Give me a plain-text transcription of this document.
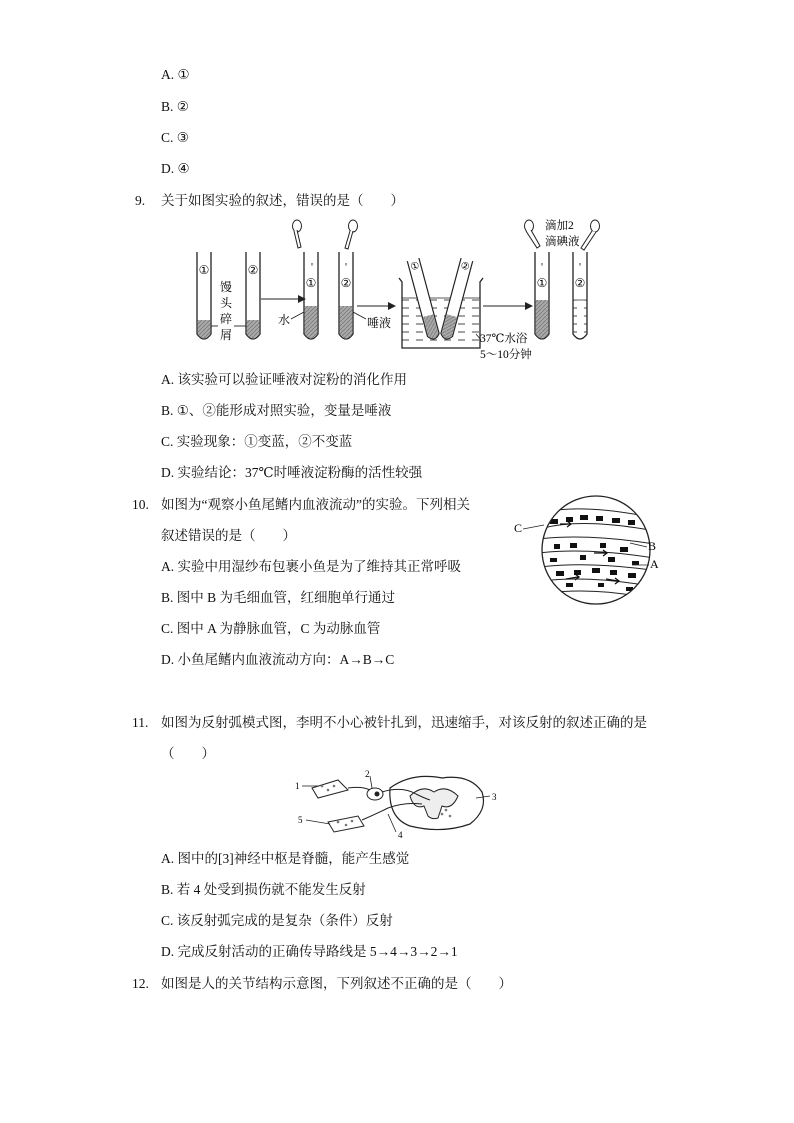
A. ①
B. ②
C. ③
D. ④
9. 关于如图实验的叙述，错误的是（　　）
①
馒
头
碎
屑
②	°
①
水
°
②
唾液
①	②
37℃水浴
5～10分钟
°	°
滴加2
滴碘液
① ②
A. 该实验可以验证唾液对淀粉的消化作用
B. ①、②能形成对照实验，变量是唾液
C. 实验现象：①变蓝，②不变蓝
D. 实验结论：37℃时唾液淀粉酶的活性较强
10. 如图为“观察小鱼尾鳍内血液流动”的实验。下列相关
叙述错误的是（　　）	C
B
A
A. 实验中用湿纱布包裹小鱼是为了维持其正常呼吸
B. 图中 B 为毛细血管，红细胞单行通过
C. 图中 A 为静脉血管，C 为动脉血管
D. 小鱼尾鳍内血液流动方向：A→B→C
11. 如图为反射弧模式图，李明不小心被针扎到，迅速缩手，对该反射的叙述正确的是
（　　）
1
2
3
4
5
A. 图中的[3]神经中枢是脊髓，能产生感觉
B. 若 4 处受到损伤就不能发生反射
C. 该反射弧完成的是复杂（条件）反射
D. 完成反射活动的正确传导路线是 5→4→3→2→1
12. 如图是人的关节结构示意图，下列叙述不正确的是（　　）
